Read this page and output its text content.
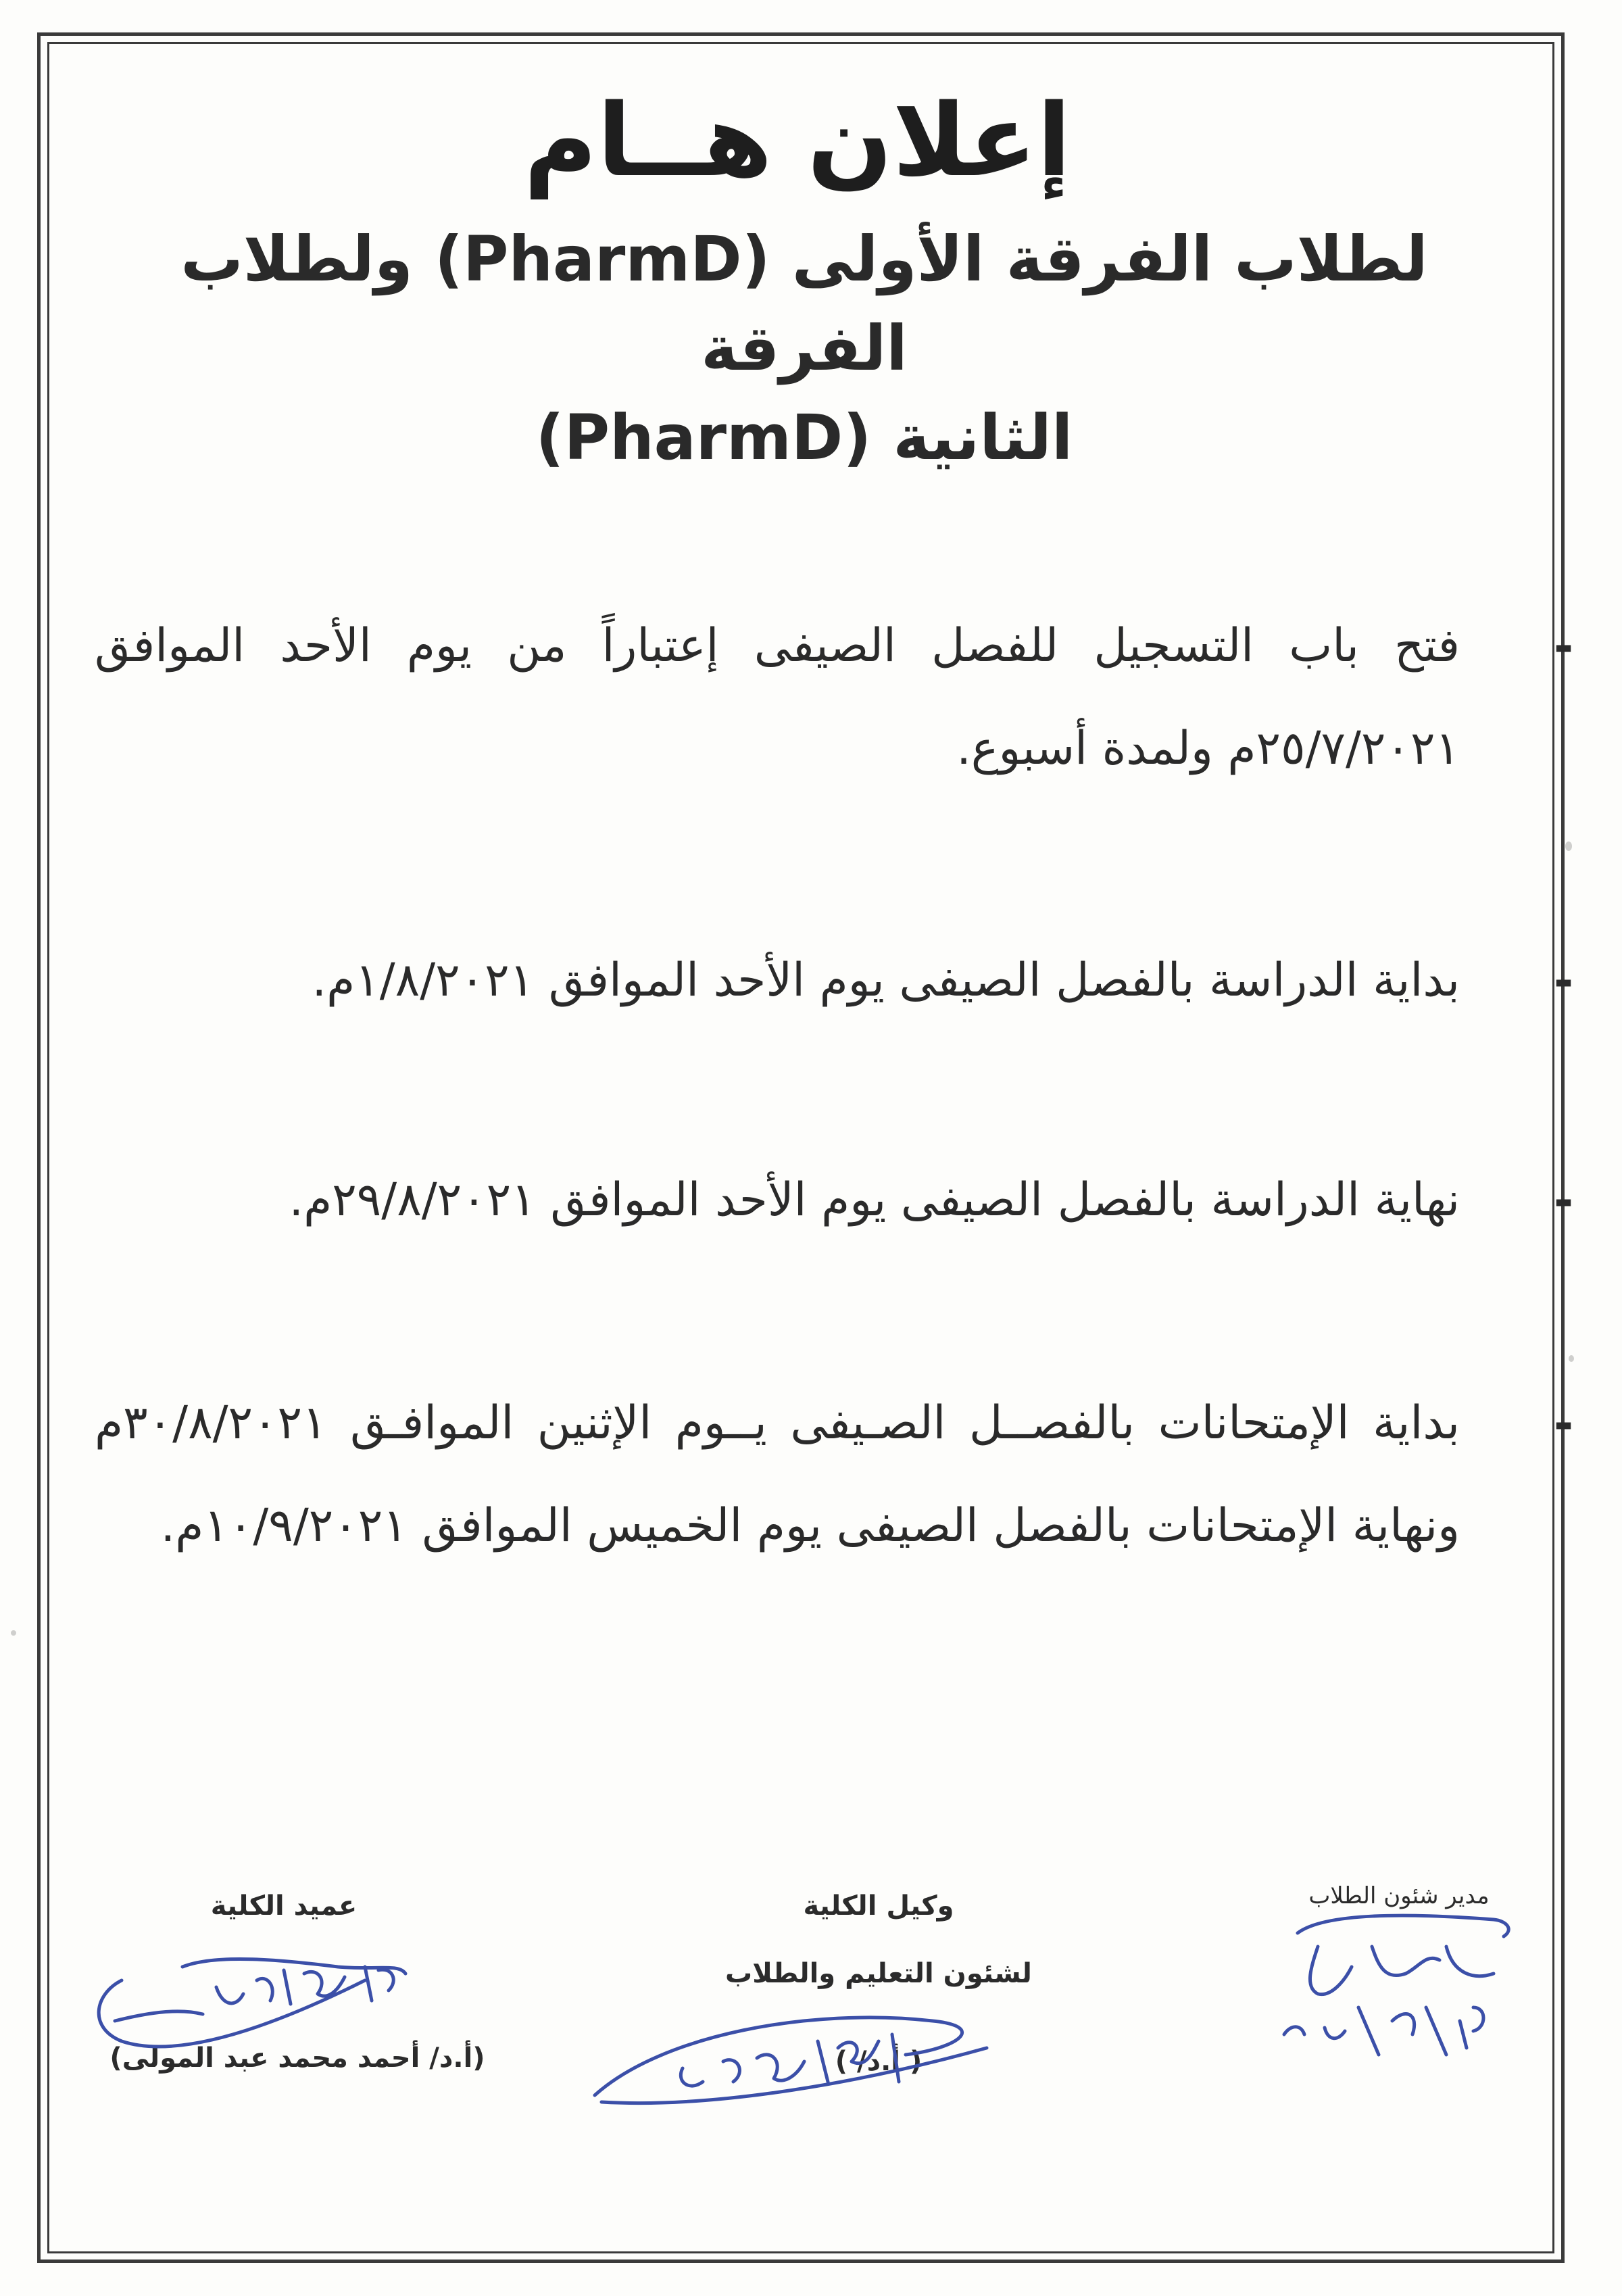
إعلان هــام
لطلاب الفرقة الأولى (PharmD) ولطلاب الفرقة
الثانية (PharmD)
-
فتح باب التسجيل للفصل الصيفى إعتباراً من يوم الأحد الموافق ٢٥/٧/٢٠٢١م ولمدة أسبوع.
-
بداية الدراسة بالفصل الصيفى يوم الأحد الموافق ١/٨/٢٠٢١م.
-
نهاية الدراسة بالفصل الصيفى يوم الأحد الموافق ٢٩/٨/٢٠٢١م.
-
بداية الإمتحانات بالفصــل الصـيفى يــوم الإثنين الموافـق ٣٠/٨/٢٠٢١م ونهاية الإمتحانات بالفصل الصيفى يوم الخميس الموافق ١٠/٩/٢٠٢١م.
مدير شئون الطلاب
وكيل الكلية
لشئون التعليم والطلاب
( أ.د/ )
عميد الكلية
(أ.د/ أحمد محمد عبد المولى)
